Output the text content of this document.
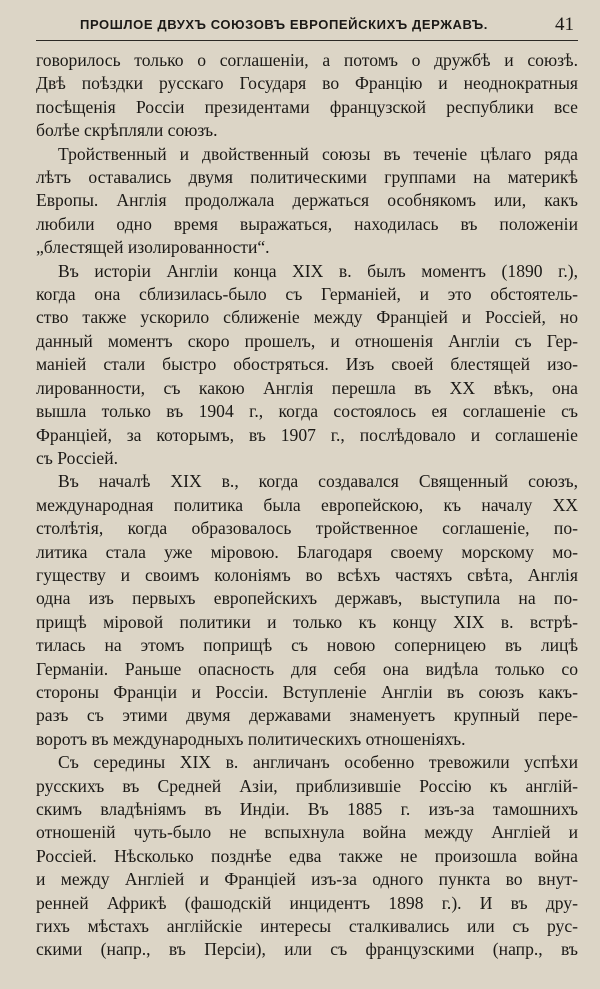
ПРОШЛОЕ ДВУХЪ СОЮЗОВЪ ЕВРОПЕЙСКИХЪ ДЕРЖАВЪ.	41

говорилось только о соглашеніи, а потомъ о дружбѣ и союзѣ.
Двѣ поѣздки русскаго Государя во Францію и неоднократныя
посѣщенія Россіи президентами французской республики все
болѣе скрѣпляли союзъ.

Тройственный и двойственный союзы въ теченіе цѣлаго ряда
лѣтъ оставались двумя политическими группами на материкѣ
Европы. Англія продолжала держаться особнякомъ или, какъ
любили одно время выражаться, находилась въ положеніи
„блестящей изолированности“.

Въ исторіи Англіи конца XIX в. былъ моментъ (1890 г.),
когда она сблизилась-было съ Германіей, и это обстоятель-
ство также ускорило сближеніе между Франціей и Россіей, но
данный моментъ скоро прошелъ, и отношенія Англіи съ Гер-
маніей стали быстро обостряться. Изъ своей блестящей изо-
лированности, съ какою Англія перешла въ XX вѣкъ, она
вышла только въ 1904 г., когда состоялось ея соглашеніе съ
Франціей, за которымъ, въ 1907 г., послѣдовало и соглашеніе
съ Россіей.

Въ началѣ XIX в., когда создавался Священный союзъ,
международная политика была европейскою, къ началу XX
столѣтія, когда образовалось тройственное соглашеніе, по-
литика стала уже міровою. Благодаря своему морскому мо-
гуществу и своимъ колоніямъ во всѣхъ частяхъ свѣта, Англія
одна изъ первыхъ европейскихъ державъ, выступила на по-
прищѣ міровой политики и только къ концу XIX в. встрѣ-
тилась на этомъ поприщѣ съ новою соперницею въ лицѣ
Германіи. Раньше опасность для себя она видѣла только со
стороны Франціи и Россіи. Вступленіе Англіи въ союзъ какъ-
разъ съ этими двумя державами знаменуетъ крупный пере-
воротъ въ международныхъ политическихъ отношеніяхъ.

Съ середины XIX в. англичанъ особенно тревожили успѣхи
русскихъ въ Средней Азіи, приблизившіе Россію къ англій-
скимъ владѣніямъ въ Индіи. Въ 1885 г. изъ-за тамошнихъ
отношеній чуть-было не вспыхнула война между Англіей и
Россіей. Нѣсколько позднѣе едва также не произошла война
и между Англіей и Франціей изъ-за одного пункта во внут-
ренней Африкѣ (фашодскій инцидентъ 1898 г.). И въ дру-
гихъ мѣстахъ англійскіе интересы сталкивались или съ рус-
скими (напр., въ Персіи), или съ французскими (напр., въ
